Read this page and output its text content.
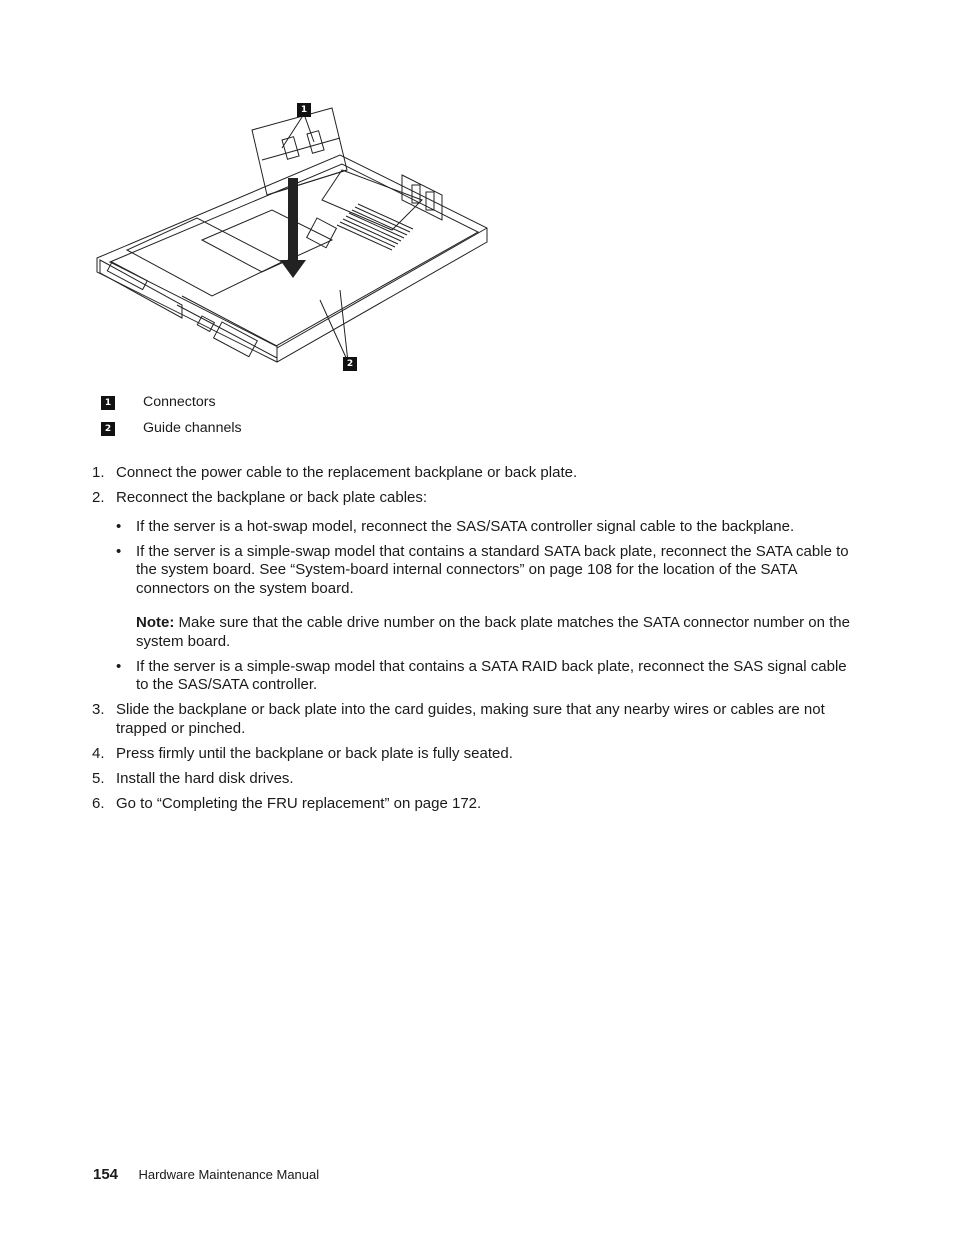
1
2
1 Connectors
2 Guide channels
1. Connect the power cable to the replacement backplane or back plate.
2. Reconnect the backplane or back plate cables:
• If the server is a hot-swap model, reconnect the SAS/SATA controller signal cable to the backplane.
• If the server is a simple-swap model that contains a standard SATA back plate, reconnect the SATA cable to the system board. See “System-board internal connectors” on page 108 for the location of the SATA connectors on the system board.
Note: Make sure that the cable drive number on the back plate matches the SATA connector number on the system board.
• If the server is a simple-swap model that contains a SATA RAID back plate, reconnect the SAS signal cable to the SAS/SATA controller.
3. Slide the backplane or back plate into the card guides, making sure that any nearby wires or cables are not trapped or pinched.
4. Press firmly until the backplane or back plate is fully seated.
5. Install the hard disk drives.
6. Go to “Completing the FRU replacement” on page 172.
154 Hardware Maintenance Manual
